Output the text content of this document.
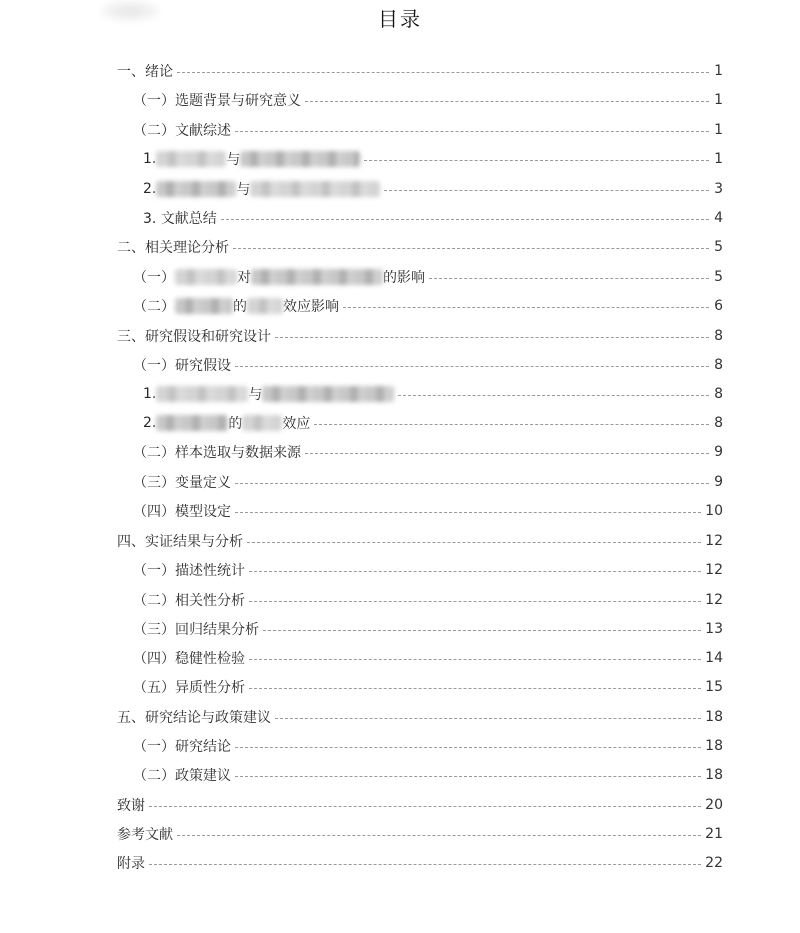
目录
一、绪论	1
（一）选题背景与研究意义	1
（二）文献综述	1
1.	与	1
2.	与	3
3. 文献总结	4
二、相关理论分析	5
（一）	对	的影响	5
（二）	的	效应影响	6
三、研究假设和研究设计	8
（一）研究假设	8
1.	与	8
2.	的	效应	8
（二）样本选取与数据来源	9
（三）变量定义	9
（四）模型设定	10
四、实证结果与分析	12
（一）描述性统计	12
（二）相关性分析	12
（三）回归结果分析	13
（四）稳健性检验	14
（五）异质性分析	15
五、研究结论与政策建议	18
（一）研究结论	18
（二）政策建议	18
致谢	20
参考文献	21
附录	22
